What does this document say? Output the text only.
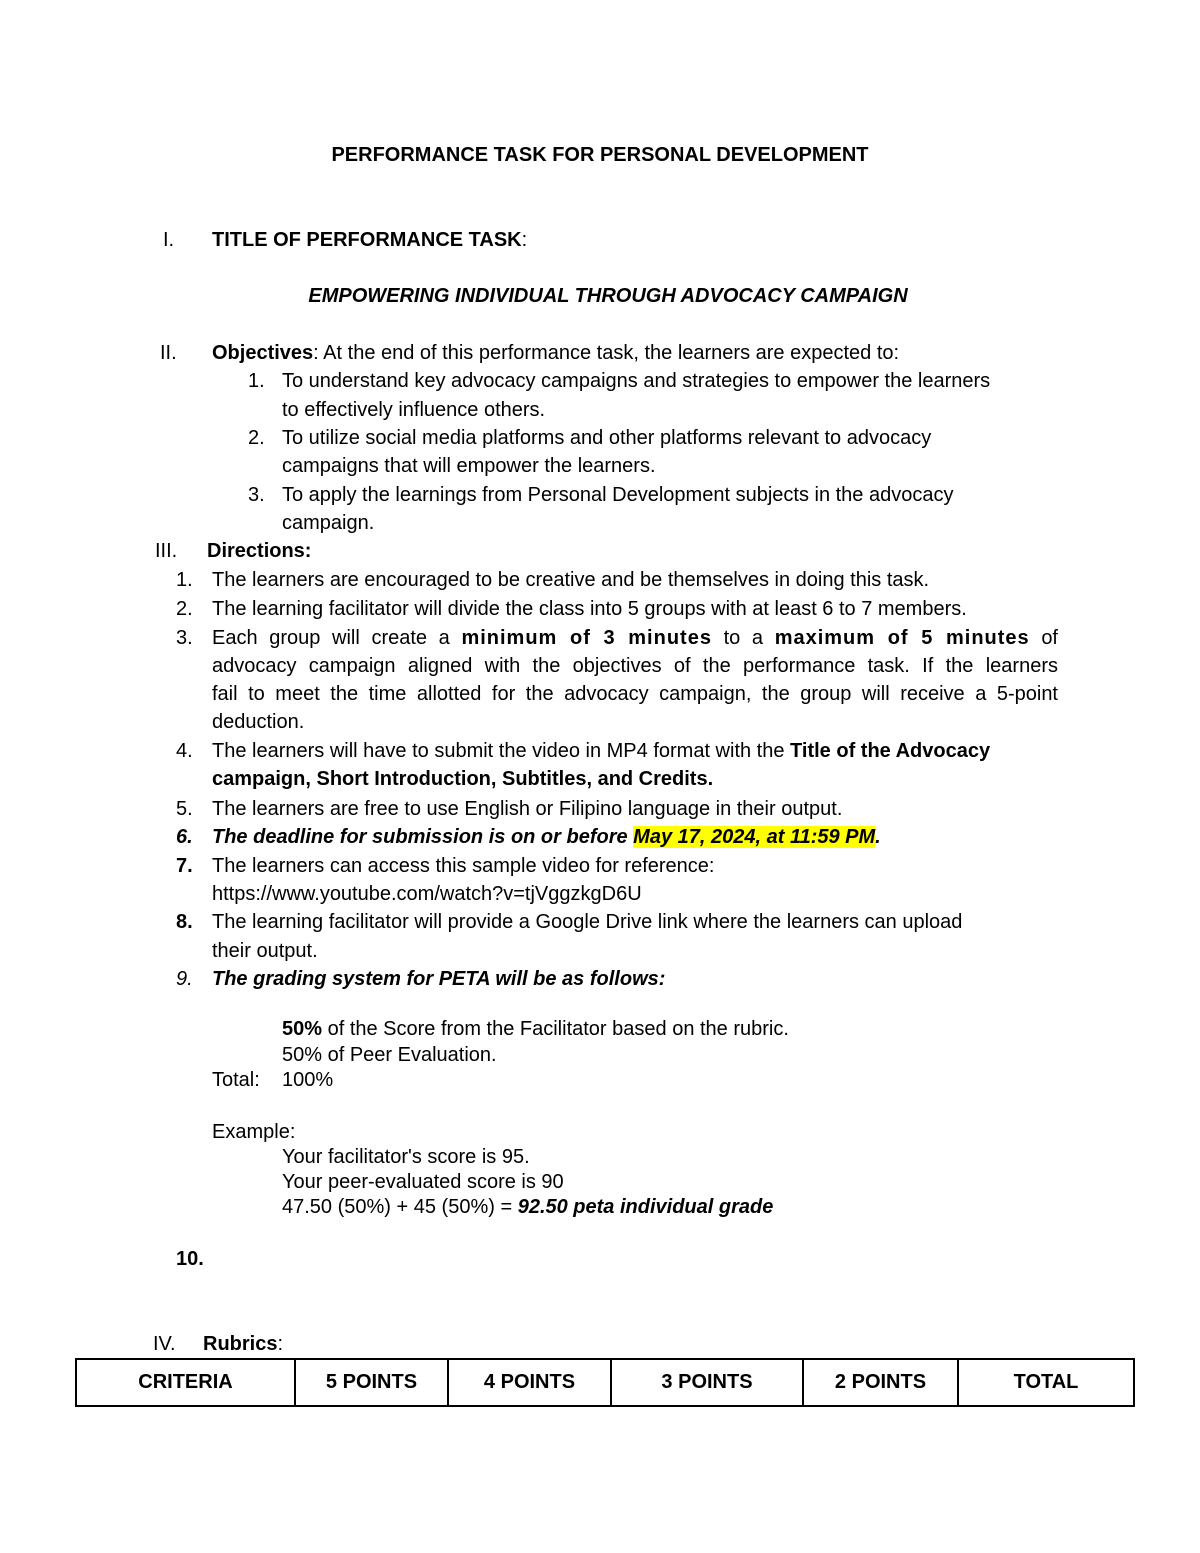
PERFORMANCE TASK FOR PERSONAL DEVELOPMENT
I. TITLE OF PERFORMANCE TASK:
EMPOWERING INDIVIDUAL THROUGH ADVOCACY CAMPAIGN
II. Objectives: At the end of this performance task, the learners are expected to:
1. To understand key advocacy campaigns and strategies to empower the learners
to effectively influence others.
2. To utilize social media platforms and other platforms relevant to advocacy
campaigns that will empower the learners.
3. To apply the learnings from Personal Development subjects in the advocacy
campaign.
III. Directions:
1. The learners are encouraged to be creative and be themselves in doing this task.
2. The learning facilitator will divide the class into 5 groups with at least 6 to 7 members.
3. Each group will create a minimum of 3 minutes to a maximum of 5 minutes of
advocacy campaign aligned with the objectives of the performance task. If the learners
fail to meet the time allotted for the advocacy campaign, the group will receive a 5-point
deduction.
4. The learners will have to submit the video in MP4 format with the Title of the Advocacy
campaign, Short Introduction, Subtitles, and Credits.
5. The learners are free to use English or Filipino language in their output.
6. The deadline for submission is on or before May 17, 2024, at 11:59 PM.
7. The learners can access this sample video for reference:
https://www.youtube.com/watch?v=tjVggzkgD6U
8. The learning facilitator will provide a Google Drive link where the learners can upload
their output.
9. The grading system for PETA will be as follows:
50% of the Score from the Facilitator based on the rubric.
50% of Peer Evaluation.
Total: 100%
Example:
Your facilitator's score is 95.
Your peer-evaluated score is 90
47.50 (50%) + 45 (50%) = 92.50 peta individual grade
10.
IV. Rubrics:
CRITERIA	5 POINTS	4 POINTS	3 POINTS	2 POINTS	TOTAL
